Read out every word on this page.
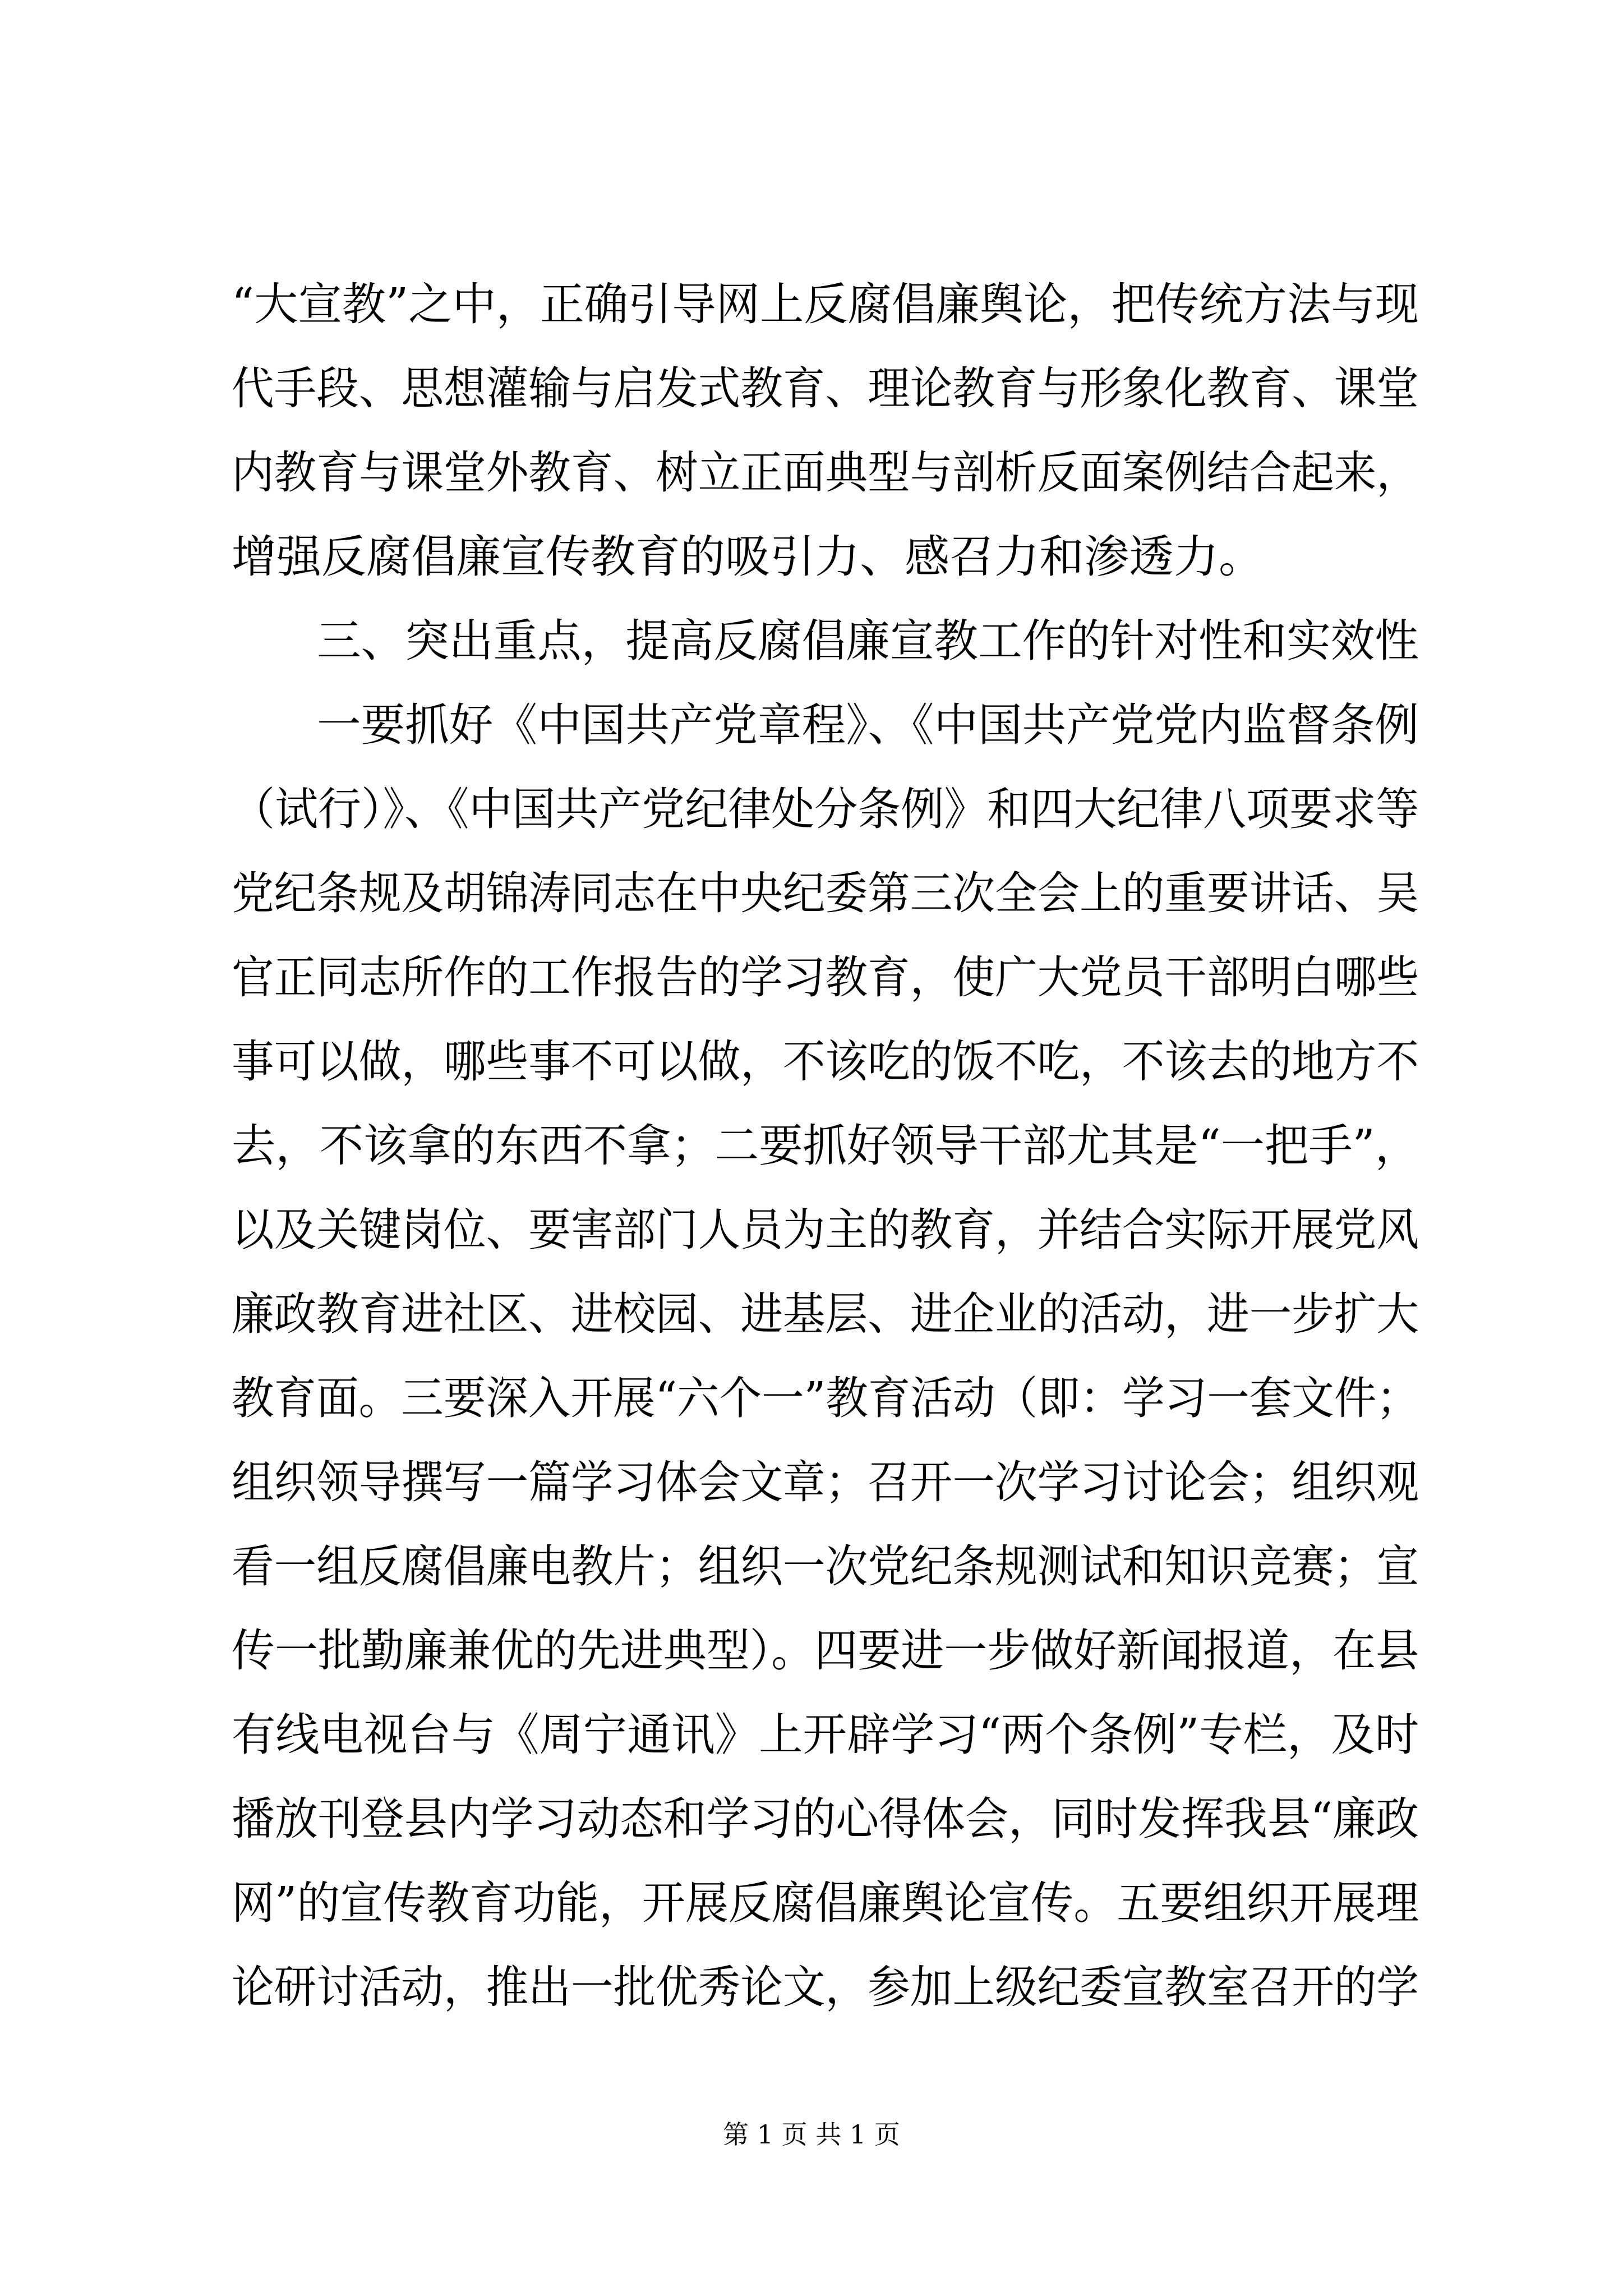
“大宣教”之中，正确引导网上反腐倡廉舆论，把传统方法与现

代手段、思想灌输与启发式教育、理论教育与形象化教育、课堂

内教育与课堂外教育、树立正面典型与剖析反面案例结合起来，

增强反腐倡廉宣传教育的吸引力、感召力和渗透力。

三、突出重点，提高反腐倡廉宣教工作的针对性和实效性

一要抓好《中国共产党章程》、《中国共产党党内监督条例

（试行）》、《中国共产党纪律处分条例》和四大纪律八项要求等

党纪条规及胡锦涛同志在中央纪委第三次全会上的重要讲话、吴

官正同志所作的工作报告的学习教育，使广大党员干部明白哪些

事可以做，哪些事不可以做，不该吃的饭不吃，不该去的地方不

去，不该拿的东西不拿；二要抓好领导干部尤其是“一把手”，

以及关键岗位、要害部门人员为主的教育，并结合实际开展党风

廉政教育进社区、进校园、进基层、进企业的活动，进一步扩大

教育面。三要深入开展“六个一”教育活动（即：学习一套文件；

组织领导撰写一篇学习体会文章；召开一次学习讨论会；组织观

看一组反腐倡廉电教片；组织一次党纪条规测试和知识竞赛；宣

传一批勤廉兼优的先进典型）。四要进一步做好新闻报道，在县

有线电视台与《周宁通讯》上开辟学习“两个条例”专栏，及时

播放刊登县内学习动态和学习的心得体会，同时发挥我县“廉政

网”的宣传教育功能，开展反腐倡廉舆论宣传。五要组织开展理

论研讨活动，推出一批优秀论文，参加上级纪委宣教室召开的学

第 1 页 共 1 页
